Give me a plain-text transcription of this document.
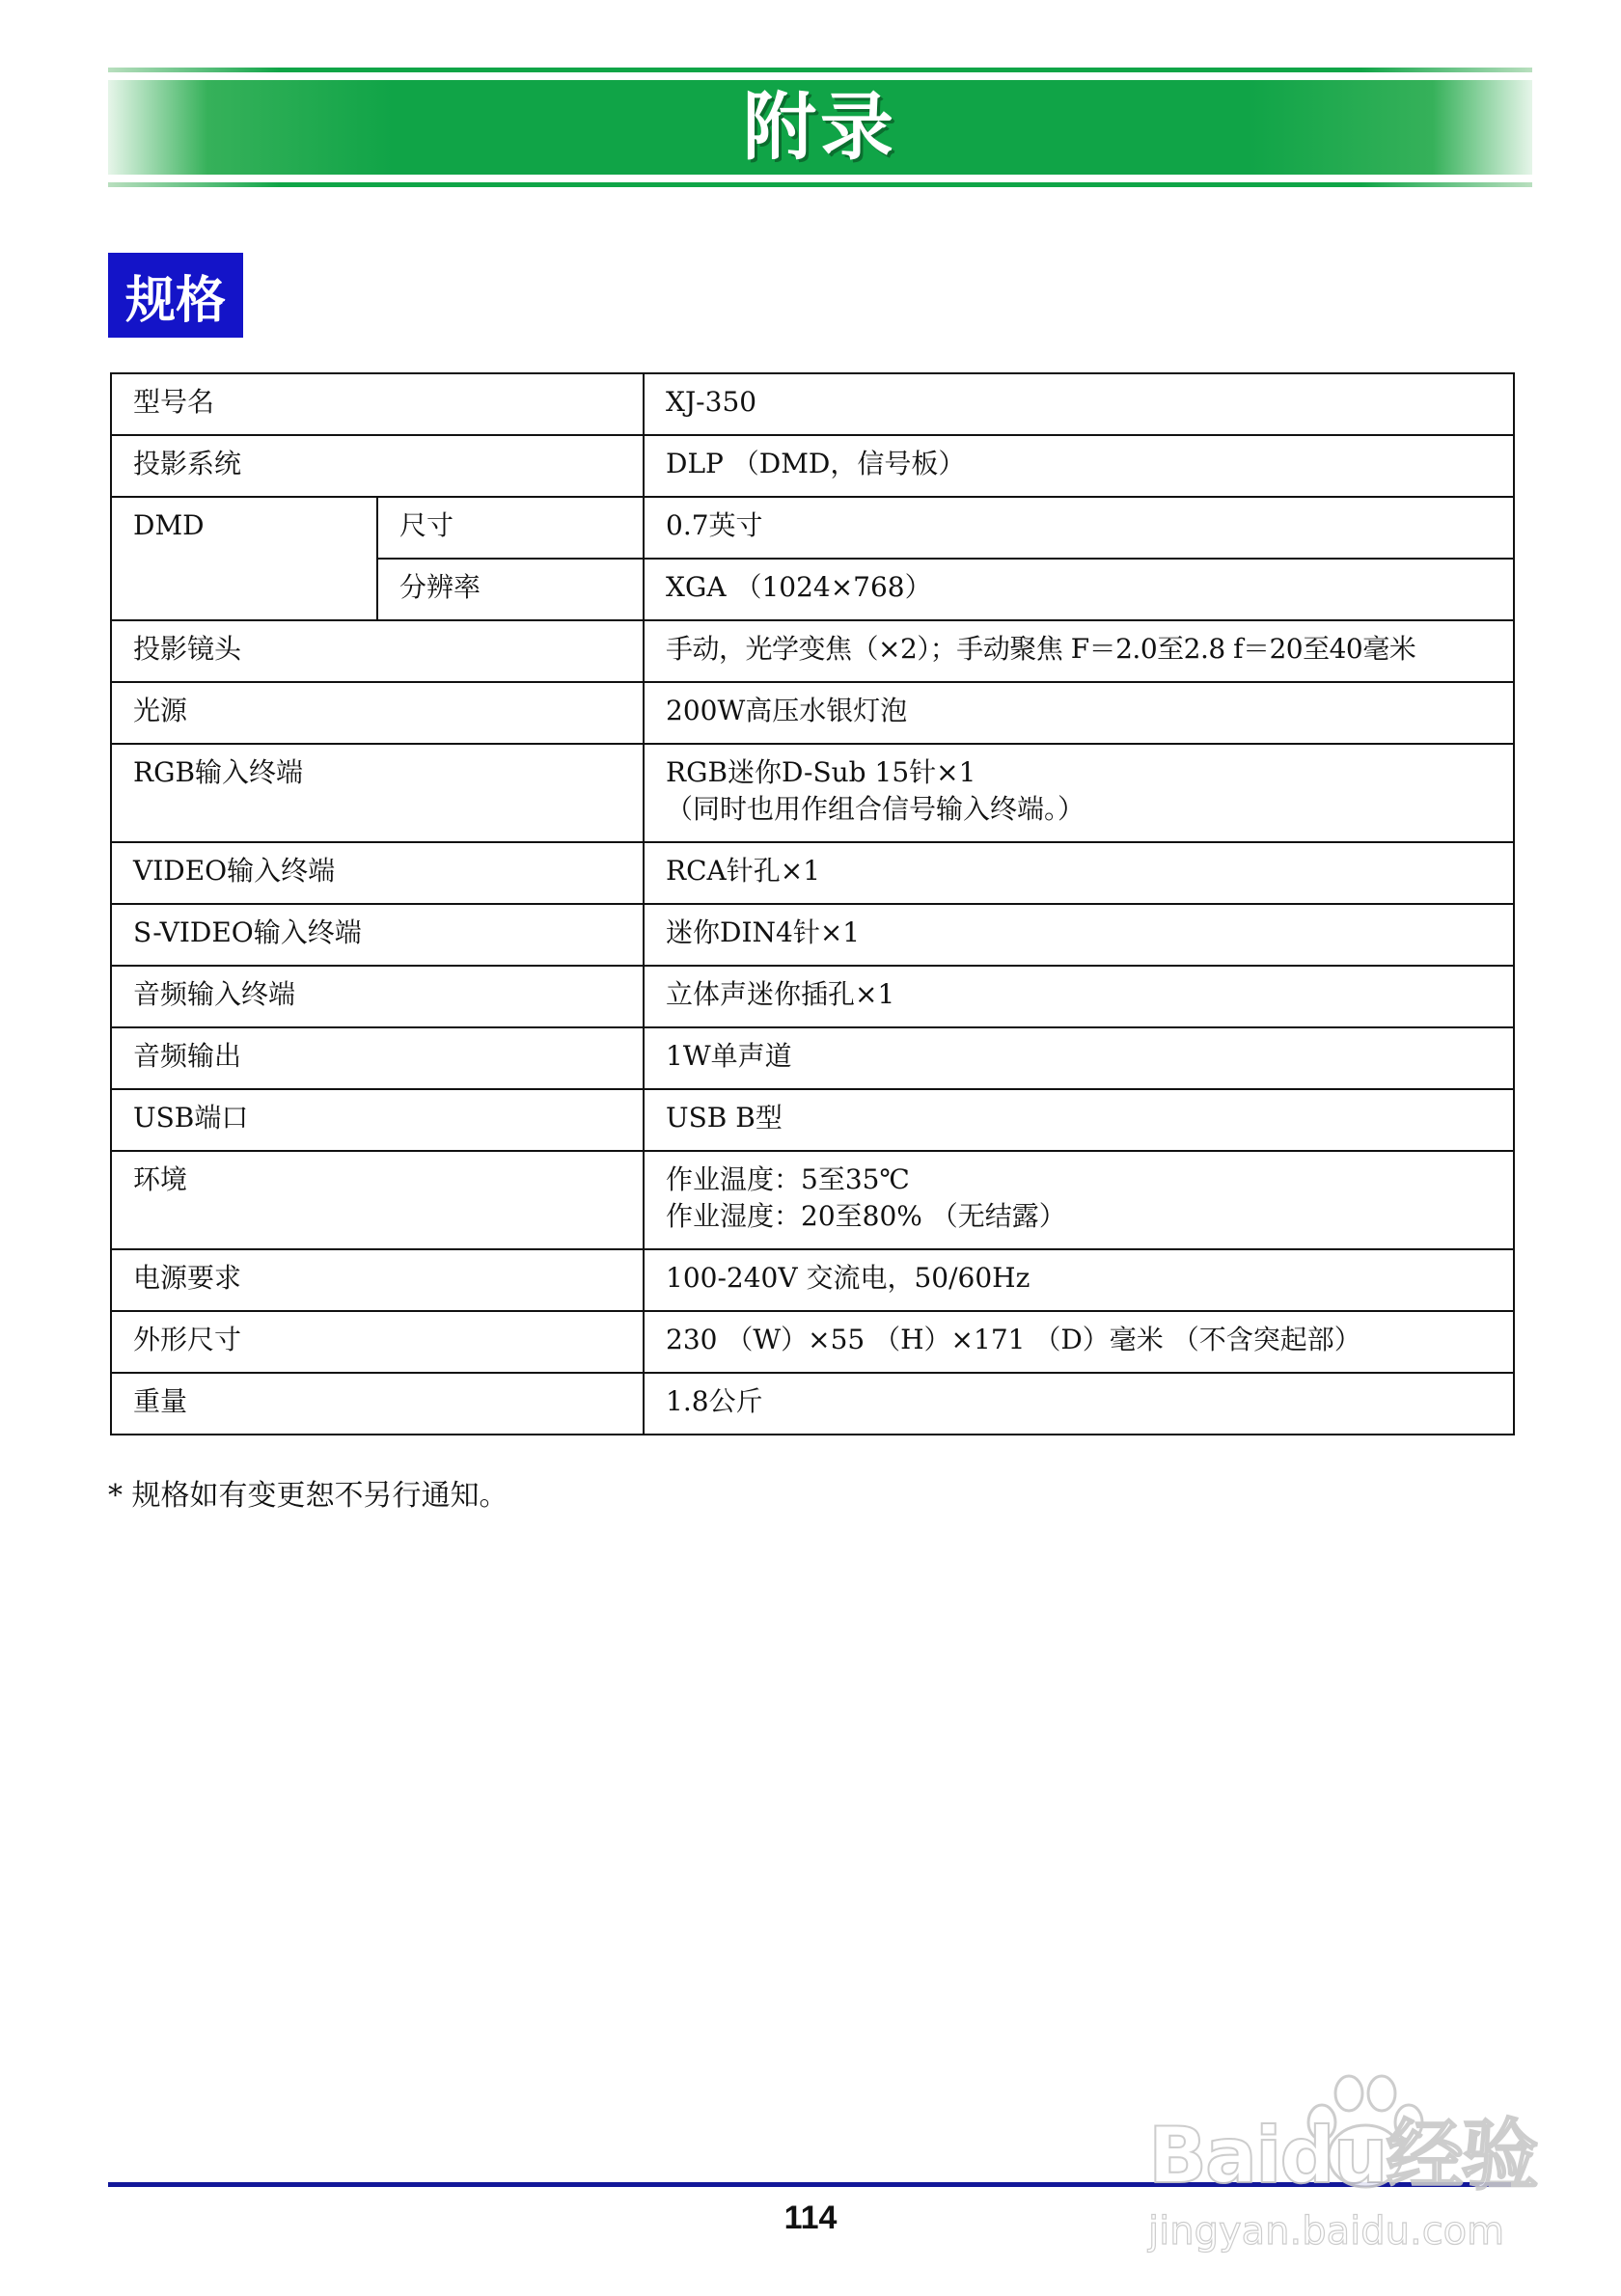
附录
规格
型号名		XJ-350
投影系统		DLP （DMD，信号板）
DMD	尺寸	0.7英寸
	分辨率	XGA （1024×768）
投影镜头		手动，光学变焦（×2）；手动聚焦 F＝2.0至2.8 f＝20至40毫米
光源		200W高压水银灯泡
RGB输入终端		RGB迷你D-Sub 15针×1
（同时也用作组合信号输入终端。）

VIDEO输入终端		RCA针孔×1
S-VIDEO输入终端		迷你DIN4针×1
音频输入终端		立体声迷你插孔×1
音频输出		1W单声道
USB端口		USB B型
环境		作业温度：5至35℃
作业湿度：20至80% （无结露）

电源要求		100-240V 交流电，50/60Hz
外形尺寸		230 （W）×55 （H）×171 （D）毫米 （不含突起部）
重量		1.8公斤
* 规格如有变更恕不另行通知。
114
Baidu经验
jingyan.baidu.com
